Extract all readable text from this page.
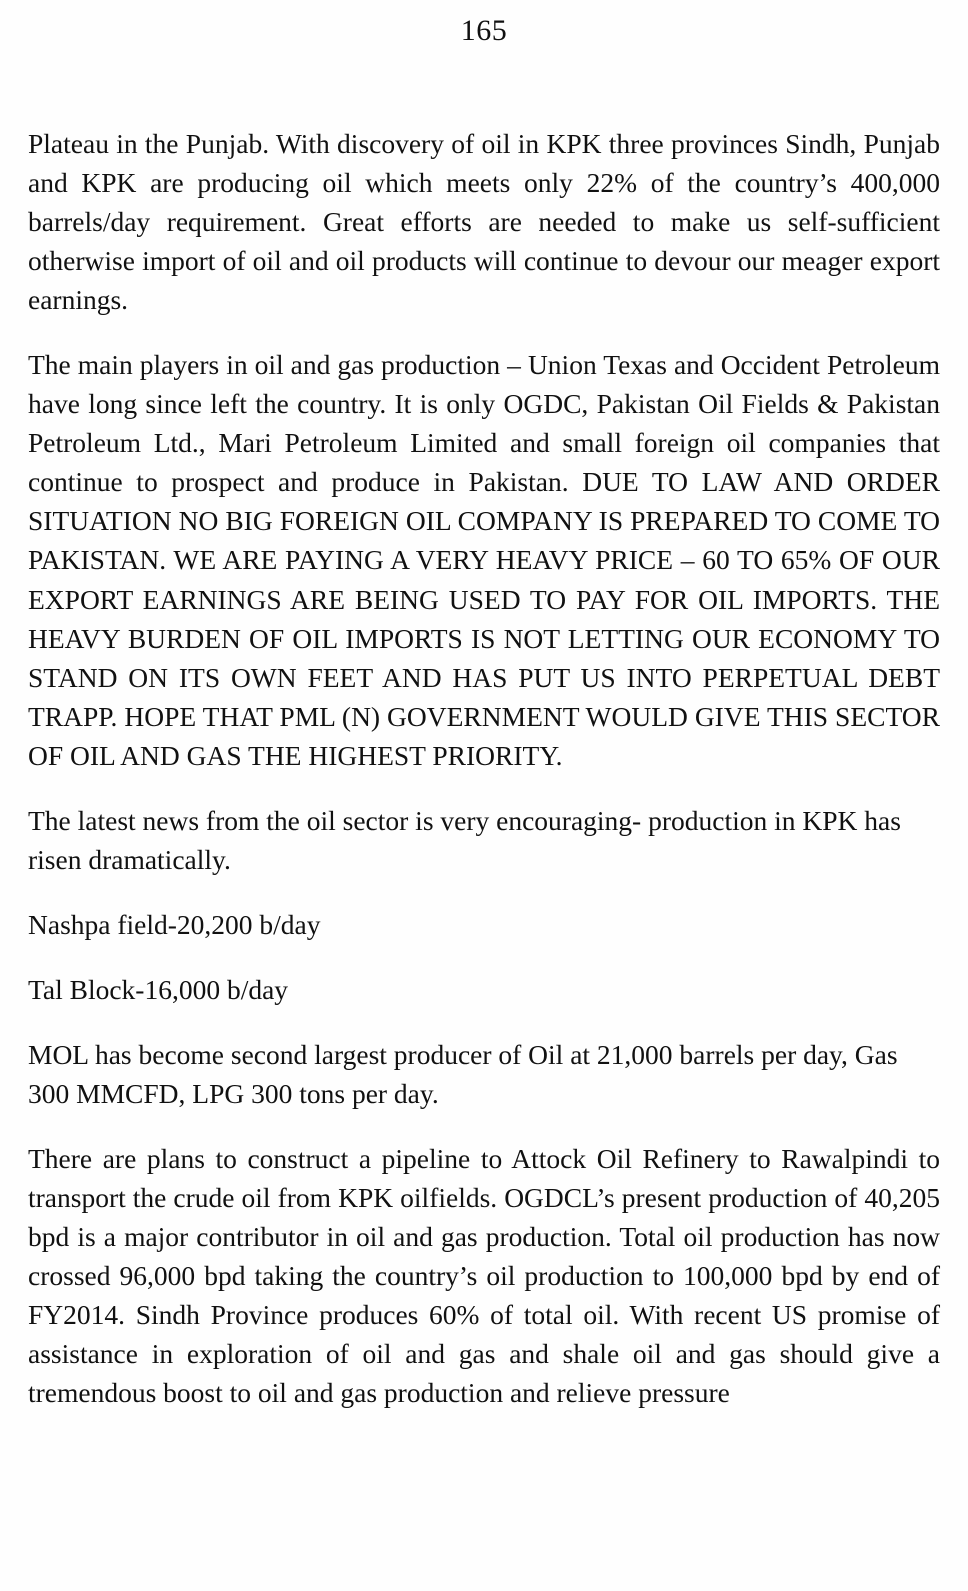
165

Plateau in the Punjab. With discovery of oil in KPK three provinces Sindh, Punjab and KPK are producing oil which meets only 22% of the country’s 400,000 barrels/day requirement. Great efforts are needed to make us self-sufficient otherwise import of oil and oil products will continue to devour our meager export earnings.

The main players in oil and gas production – Union Texas and Occident Petroleum have long since left the country. It is only OGDC, Pakistan Oil Fields & Pakistan Petroleum Ltd., Mari Petroleum Limited and small foreign oil companies that continue to prospect and produce in Pakistan. DUE TO LAW AND ORDER SITUATION NO BIG FOREIGN OIL COMPANY IS PREPARED TO COME TO PAKISTAN. WE ARE PAYING A VERY HEAVY PRICE – 60 TO 65% OF OUR EXPORT EARNINGS ARE BEING USED TO PAY FOR OIL IMPORTS. THE HEAVY BURDEN OF OIL IMPORTS IS NOT LETTING OUR ECONOMY TO STAND ON ITS OWN FEET AND HAS PUT US INTO PERPETUAL DEBT TRAPP. HOPE THAT PML (N) GOVERNMENT WOULD GIVE THIS SECTOR OF OIL AND GAS THE HIGHEST PRIORITY.

The latest news from the oil sector is very encouraging- production in KPK has risen dramatically.

Nashpa field-20,200 b/day

Tal Block-16,000 b/day

MOL has become second largest producer of Oil at 21,000 barrels per day, Gas 300 MMCFD, LPG 300 tons per day.

There are plans to construct a pipeline to Attock Oil Refinery to Rawalpindi to transport the crude oil from KPK oilfields. OGDCL’s present production of 40,205 bpd is a major contributor in oil and gas production. Total oil production has now crossed 96,000 bpd taking the country’s oil production to 100,000 bpd by end of FY2014. Sindh Province produces 60% of total oil. With recent US promise of assistance in exploration of oil and gas and shale oil and gas should give a tremendous boost to oil and gas production and relieve pressure
